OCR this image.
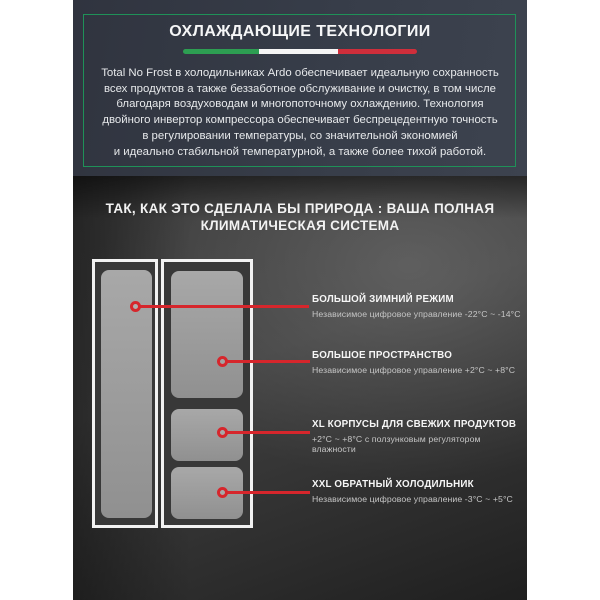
ОХЛАЖДАЮЩИЕ ТЕХНОЛОГИИ
Total No Frost в холодильниках Ardo обеспечивает идеальную сохранность
всех продуктов а также беззаботное обслуживание и очистку, в том числе
благодаря воздуховодам и многопоточному охлаждению. Технология
двойного инвертор компрессора обеспечивает беспрецедентную точность
в регулировании температуры, со значительной экономией
и идеально стабильной температурной, а также более тихой работой.
ТАК, КАК ЭТО СДЕЛАЛА БЫ ПРИРОДА : ВАША ПОЛНАЯ
КЛИМАТИЧЕСКАЯ СИСТЕМА

БОЛЬШОЙ ЗИМНИЙ РЕЖИМ

Независимое цифровое управление -22°C ~ -14°C

БОЛЬШОЕ ПРОСТРАНСТВО

Независимое цифровое управление +2°C ~ +8°C

XL КОРПУСЫ ДЛЯ СВЕЖИХ ПРОДУКТОВ

+2°C ~ +8°C с ползунковым регулятором влажности

XXL ОБРАТНЫЙ ХОЛОДИЛЬНИК

Независимое цифровое управление -3°C ~ +5°C
